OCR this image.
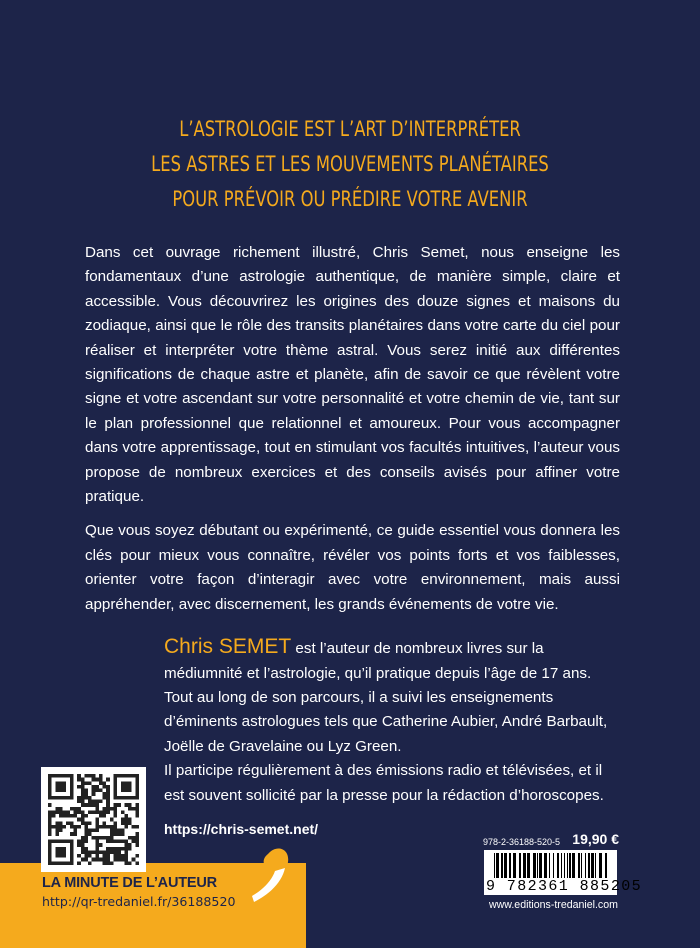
L’ASTROLOGIE EST L’ART D’INTERPRÉTER
LES ASTRES ET LES MOUVEMENTS PLANÉTAIRES
POUR PRÉVOIR OU PRÉDIRE VOTRE AVENIR

Dans cet ouvrage richement illustré, Chris Semet, nous enseigne les fondamentaux d’une astrologie authentique, de manière simple, claire et accessible. Vous découvrirez les origines des douze signes et maisons du zodiaque, ainsi que le rôle des transits planétaires dans votre carte du ciel pour réaliser et interpréter votre thème astral. Vous serez initié aux différentes significations de chaque astre et planète, afin de savoir ce que révèlent votre signe et votre ascendant sur votre personnalité et votre chemin de vie, tant sur le plan professionnel que relationnel et amoureux. Pour vous accompagner dans votre apprentissage, tout en stimulant vos facultés intuitives, l’auteur vous propose de nombreux exercices et des conseils avisés pour affiner votre pratique.

Que vous soyez débutant ou expérimenté, ce guide essentiel vous donnera les clés pour mieux vous connaître, révéler vos points forts et vos faiblesses, orienter votre façon d’interagir avec votre environnement, mais aussi appréhender, avec discernement, les grands événements de votre vie.

Chris SEMET est l’auteur de nombreux livres sur la médiumnité et l’astrologie, qu’il pratique depuis l’âge de 17 ans. Tout au long de son parcours, il a suivi les enseignements d’éminents astrologues tels que Catherine Aubier, André Barbault, Joëlle de Gravelaine ou Lyz Green.
Il participe régulièrement à des émissions radio et télévisées, et il est souvent sollicité par la presse pour la rédaction d’horoscopes.
https://chris-semet.net/
LA MINUTE DE L’AUTEUR
http://qr-tredaniel.fr/36188520
978-2-36188-520-5 19,90 €
9 782361 885205
www.editions-tredaniel.com
